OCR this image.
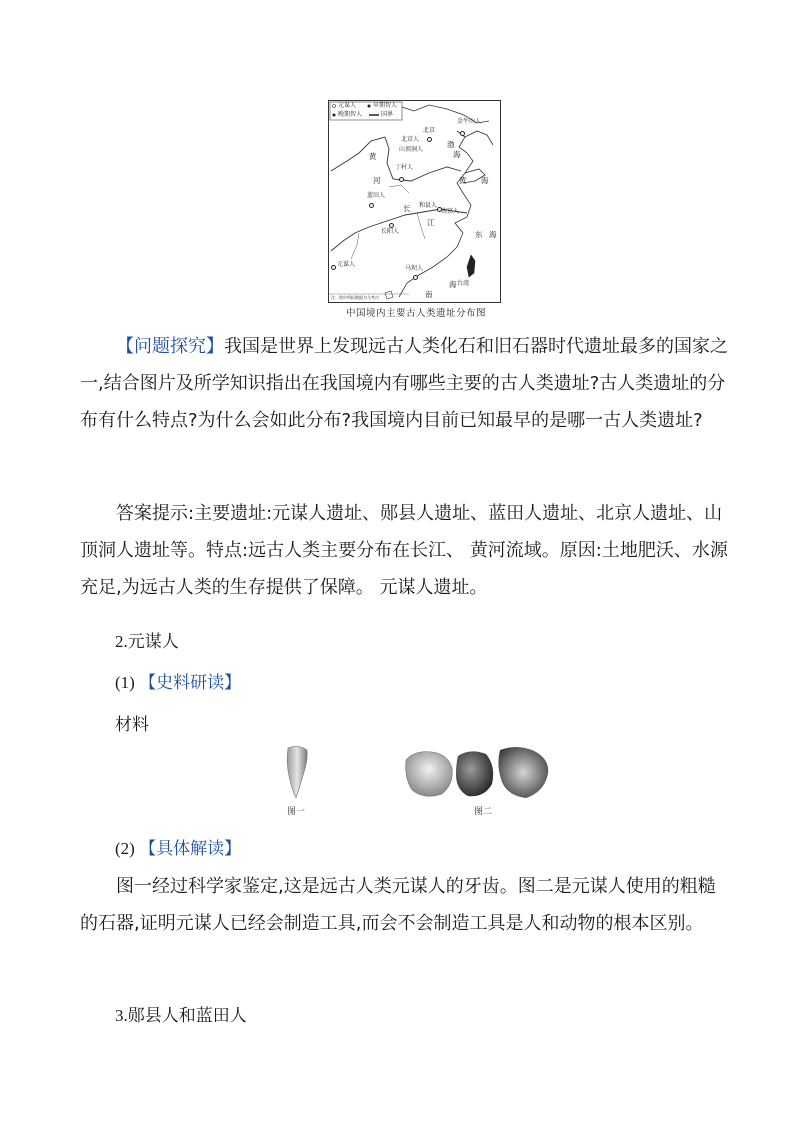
元谋人	早期智人
晚期智人	国界
北京
金牛山人
北京人
山顶洞人
渤
海
黄
河	黄 海
丁村人
蓝田人
和县人
南京人
长
江
长阳人	东 海
元谋人
马坝人
台湾
南
海
注：图中所标数据为今考古
中国境内主要古人类遗址分布图

【问题探究】我国是世界上发现远古人类化石和旧石器时代遗址最多的国家之一,结合图片及所学知识指出在我国境内有哪些主要的古人类遗址?古人类遗址的分布有什么特点?为什么会如此分布?我国境内目前已知最早的是哪一古人类遗址?

答案提示:主要遗址:元谋人遗址、郧县人遗址、蓝田人遗址、北京人遗址、山顶洞人遗址等。特点:远古人类主要分布在长江、 黄河流域。原因:土地肥沃、水源充足,为远古人类的生存提供了保障。 元谋人遗址。

2.元谋人

(1) 【史料研读】

材料

图一	图二

(2) 【具体解读】

图一经过科学家鉴定,这是远古人类元谋人的牙齿。图二是元谋人使用的粗糙的石器,证明元谋人已经会制造工具,而会不会制造工具是人和动物的根本区别。

3.郧县人和蓝田人
